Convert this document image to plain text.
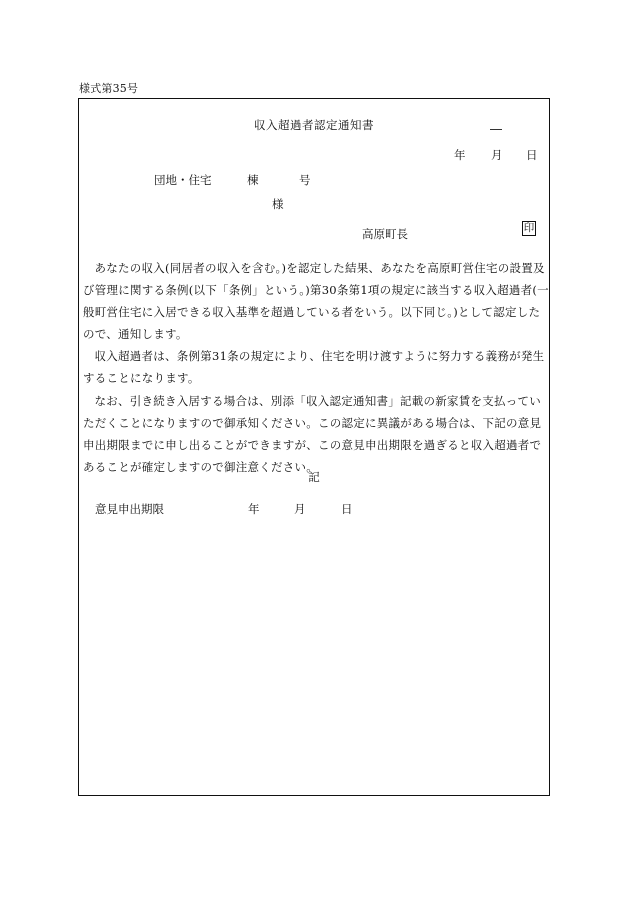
様式第35号
収入超過者認定通知書
年 月 日
団地・住宅	棟	号
様
高原町長	印

あなたの収入(同居者の収入を含む。)を認定した結果、あなたを高原町営住宅の設置及び管理に関する条例(以下「条例」という。)第30条第1項の規定に該当する収入超過者(一般町営住宅に入居できる収入基準を超過している者をいう。以下同じ。)として認定したので、通知します。

収入超過者は、条例第31条の規定により、住宅を明け渡すように努力する義務が発生することになります。

なお、引き続き入居する場合は、別添「収入認定通知書」記載の新家賃を支払っていただくことになりますので御承知ください。この認定に異議がある場合は、下記の意見申出期限までに申し出ることができますが、この意見申出期限を過ぎると収入超過者であることが確定しますので御注意ください。

記
意見申出期限	年	月	日
